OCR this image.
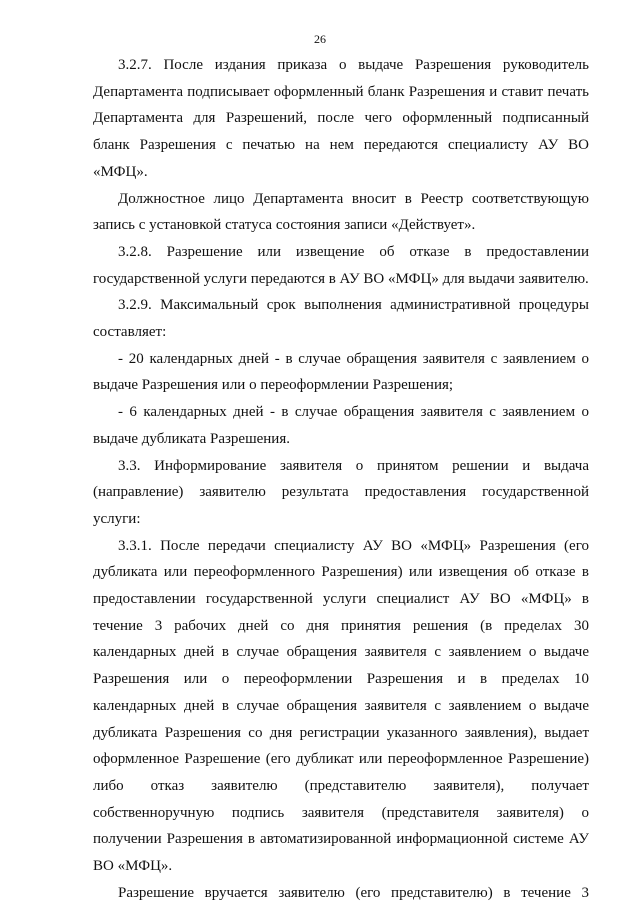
26

3.2.7. После издания приказа о выдаче Разрешения руководитель Департамента подписывает оформленный бланк Разрешения и ставит печать Департамента для Разрешений, после чего оформленный подписанный бланк Разрешения с печатью на нем передаются специалисту АУ ВО «МФЦ».

Должностное лицо Департамента вносит в Реестр соответствующую запись с установкой статуса состояния записи «Действует».

3.2.8. Разрешение или извещение об отказе в предоставлении государственной услуги передаются в АУ ВО «МФЦ» для выдачи заявителю.

3.2.9. Максимальный срок выполнения административной процедуры составляет:

- 20 календарных дней - в случае обращения заявителя с заявлением о выдаче Разрешения или о переоформлении Разрешения;

- 6 календарных дней - в случае обращения заявителя с заявлением о выдаче дубликата Разрешения.

3.3. Информирование заявителя о принятом решении и выдача (направление) заявителю результата предоставления государственной услуги:

3.3.1. После передачи специалисту АУ ВО «МФЦ» Разрешения (его дубликата или переоформленного Разрешения) или извещения об отказе в предоставлении государственной услуги специалист АУ ВО «МФЦ» в течение 3 рабочих дней со дня принятия решения (в пределах 30 календарных дней в случае обращения заявителя с заявлением о выдаче Разрешения или о переоформлении Разрешения и в пределах 10 календарных дней в случае обращения заявителя с заявлением о выдаче дубликата Разрешения со дня регистрации указанного заявления), выдает оформленное Разрешение (его дубликат или переоформленное Разрешение) либо отказ заявителю (представителю заявителя), получает собственноручную подпись заявителя (представителя заявителя) о получении Разрешения в автоматизированной информационной системе АУ ВО «МФЦ».

Разрешение вручается заявителю (его представителю) в течение 3
